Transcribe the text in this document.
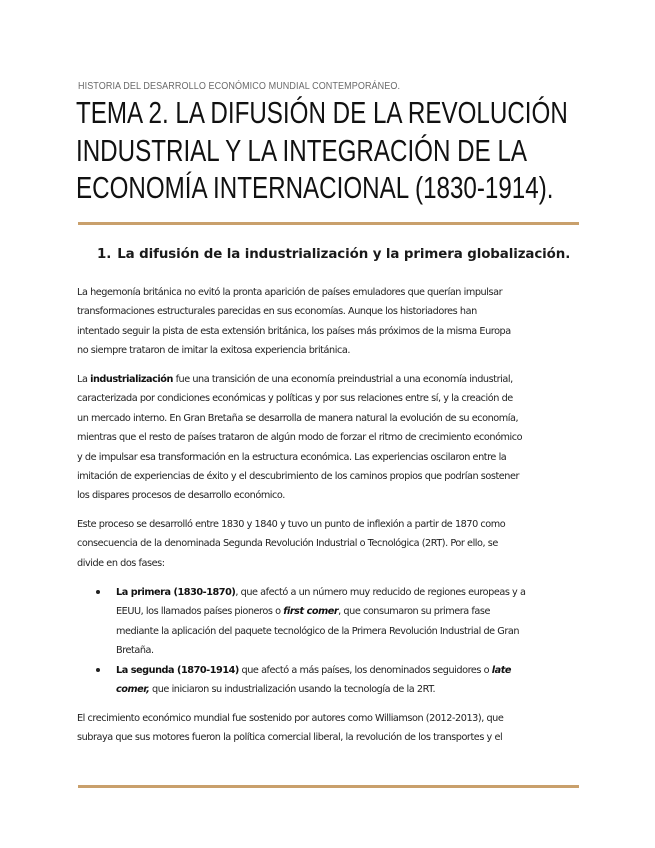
HISTORIA DEL DESARROLLO ECONÓMICO MUNDIAL CONTEMPORÁNEO.
TEMA 2. LA DIFUSIÓN DE LA REVOLUCIÓN
INDUSTRIAL Y LA INTEGRACIÓN DE LA
ECONOMÍA INTERNACIONAL (1830-1914).
1. La difusión de la industrialización y la primera globalización.

La hegemonía británica no evitó la pronta aparición de países emuladores que querían impulsar
transformaciones estructurales parecidas en sus economías. Aunque los historiadores han
intentado seguir la pista de esta extensión británica, los países más próximos de la misma Europa
no siempre trataron de imitar la exitosa experiencia británica.

La industrialización fue una transición de una economía preindustrial a una economía industrial,
caracterizada por condiciones económicas y políticas y por sus relaciones entre sí, y la creación de
un mercado interno. En Gran Bretaña se desarrolla de manera natural la evolución de su economía,
mientras que el resto de países trataron de algún modo de forzar el ritmo de crecimiento económico
y de impulsar esa transformación en la estructura económica. Las experiencias oscilaron entre la
imitación de experiencias de éxito y el descubrimiento de los caminos propios que podrían sostener
los dispares procesos de desarrollo económico.

Este proceso se desarrolló entre 1830 y 1840 y tuvo un punto de inflexión a partir de 1870 como
consecuencia de la denominada Segunda Revolución Industrial o Tecnológica (2RT). Por ello, se
divide en dos fases:

La primera (1830-1870), que afectó a un número muy reducido de regiones europeas y a
EEUU, los llamados países pioneros o first comer, que consumaron su primera fase
mediante la aplicación del paquete tecnológico de la Primera Revolución Industrial de Gran
Bretaña.
La segunda (1870-1914) que afectó a más países, los denominados seguidores o late
comer, que iniciaron su industrialización usando la tecnología de la 2RT.

El crecimiento económico mundial fue sostenido por autores como Williamson (2012-2013), que
subraya que sus motores fueron la política comercial liberal, la revolución de los transportes y el
